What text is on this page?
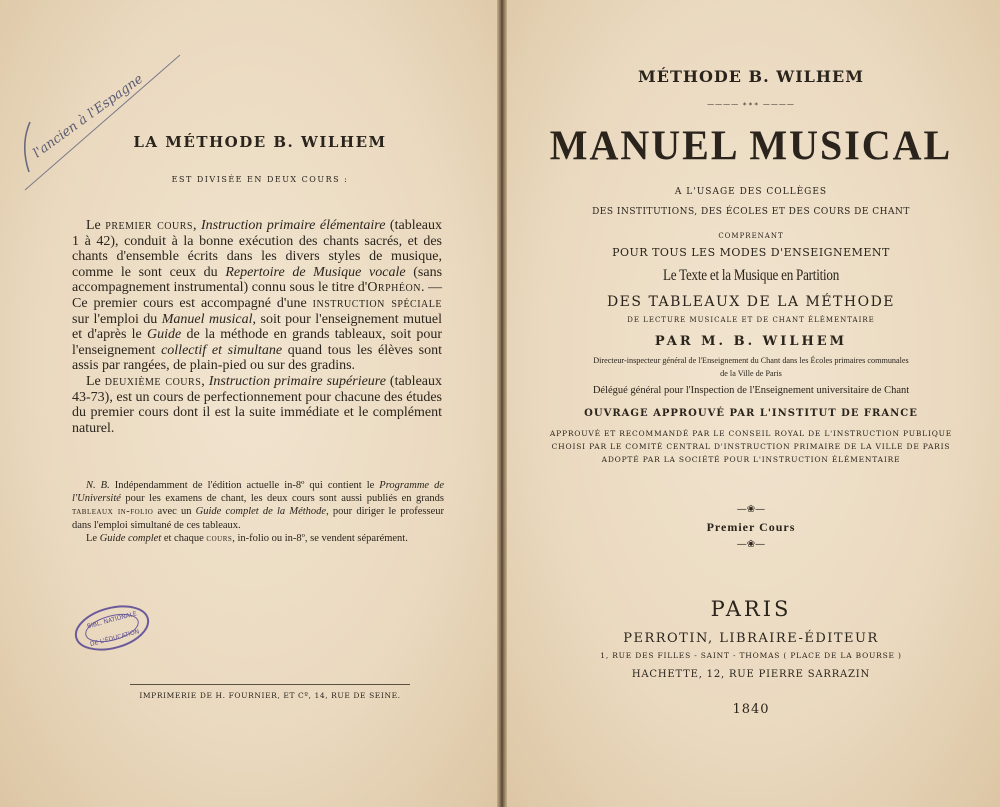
l'ancien à l'Espagne
LA MÉTHODE B. WILHEM
EST DIVISÉE EN DEUX COURS :

Le premier cours, Instruction primaire élémentaire (tableaux 1 à 42), conduit à la bonne exécution des chants sacrés, et des chants d'ensemble écrits dans les divers styles de musique, comme le sont ceux du Repertoire de Musique vocale (sans accompagnement instrumental) connu sous le titre d'Orphéon. — Ce premier cours est accompagné d'une instruction spéciale sur l'emploi du Manuel musical, soit pour l'enseignement mutuel et d'après le Guide de la méthode en grands tableaux, soit pour l'enseignement collectif et simultane quand tous les élèves sont assis par rangées, de plain-pied ou sur des gradins.

Le deuxième cours, Instruction primaire supérieure (tableaux 43-73), est un cours de perfectionnement pour chacune des études du premier cours dont il est la suite immédiate et le complément naturel.

N. B. Indépendamment de l'édition actuelle in-8º qui contient le Programme de l'Université pour les examens de chant, les deux cours sont aussi publiés en grands tableaux in-folio avec un Guide complet de la Méthode, pour diriger le professeur dans l'emploi simultané de ces tableaux.

Le Guide complet et chaque cours, in-folio ou in-8º, se vendent séparément.

BIBL. NATIONALE
DE L'ÉDUCATION
IMPRIMERIE DE H. FOURNIER, ET Cº, 14, RUE DE SEINE.
MÉTHODE B. WILHEM
———— ∗∗∗ ————
MANUEL MUSICAL
A L'USAGE DES COLLÈGES
DES INSTITUTIONS, DES ÉCOLES ET DES COURS DE CHANT
COMPRENANT
POUR TOUS LES MODES D'ENSEIGNEMENT
Le Texte et la Musique en Partition
DES TABLEAUX DE LA MÉTHODE
DE LECTURE MUSICALE ET DE CHANT ÉLÉMENTAIRE
PAR M. B. WILHEM
Directeur-inspecteur général de l'Enseignement du Chant dans les Écoles primaires communales
de la Ville de Paris
Délégué général pour l'Inspection de l'Enseignement universitaire de Chant
OUVRAGE APPROUVÉ PAR L'INSTITUT DE FRANCE
APPROUVÉ ET RECOMMANDÉ PAR LE CONSEIL ROYAL DE L'INSTRUCTION PUBLIQUE
CHOISI PAR LE COMITÉ CENTRAL D'INSTRUCTION PRIMAIRE DE LA VILLE DE PARIS
ADOPTÉ PAR LA SOCIÉTÉ POUR L'INSTRUCTION ÉLÉMENTAIRE
—❀—
Premier Cours
—❀—
PARIS
PERROTIN, LIBRAIRE-ÉDITEUR
1, RUE DES FILLES - SAINT - THOMAS ( PLACE DE LA BOURSE )
HACHETTE, 12, RUE PIERRE SARRAZIN
1840
